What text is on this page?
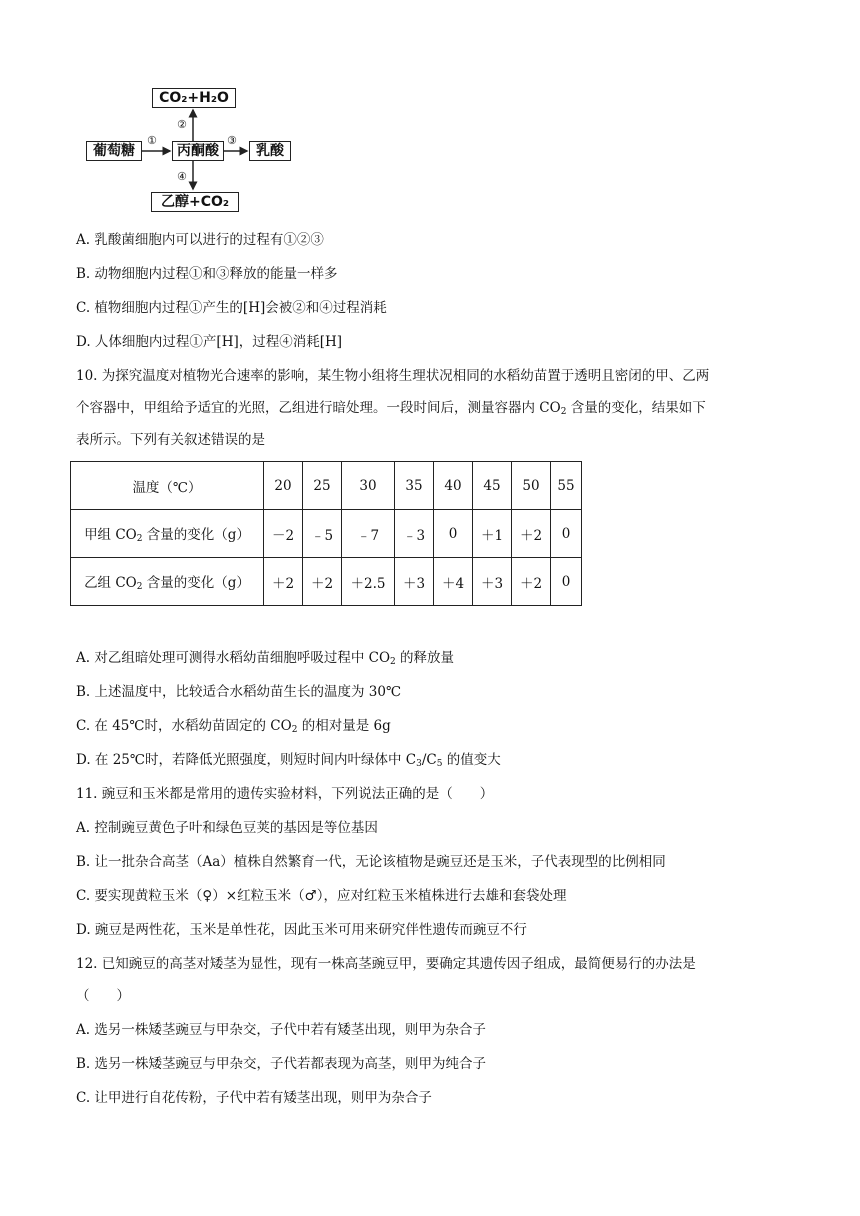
CO₂+H₂O
葡萄糖	丙酮酸	乳酸
乙醇+CO₂
①
②
③
④
A. 乳酸菌细胞内可以进行的过程有①②③
B. 动物细胞内过程①和③释放的能量一样多
C. 植物细胞内过程①产生的[H]会被②和④过程消耗
D. 人体细胞内过程①产[H]，过程④消耗[H]
10. 为探究温度对植物光合速率的影响，某生物小组将生理状况相同的水稻幼苗置于透明且密闭的甲、乙两
个容器中，甲组给予适宜的光照，乙组进行暗处理。一段时间后，测量容器内 $CO_2$ 含量的变化，结果如下
表所示。下列有关叙述错误的是
温度（℃）	20	25	30	35	40	45	50	55
甲组 $CO_2$ 含量的变化（g）	－2	﹣5	﹣7	﹣3	0	＋1	＋2	0
乙组 $CO_2$ 含量的变化（g）	＋2	＋2	＋2.5	＋3	＋4	＋3	＋2	0
A. 对乙组暗处理可测得水稻幼苗细胞呼吸过程中 $CO_2$ 的释放量
B. 上述温度中，比较适合水稻幼苗生长的温度为 30℃
C. 在 45℃时，水稻幼苗固定的 $CO_2$ 的相对量是 6g
D. 在 25℃时，若降低光照强度，则短时间内叶绿体中 $C_3/C_5$ 的值变大
11. 豌豆和玉米都是常用的遗传实验材料，下列说法正确的是（　　）
A. 控制豌豆黄色子叶和绿色豆荚的基因是等位基因
B. 让一批杂合高茎（Aa）植株自然繁育一代，无论该植物是豌豆还是玉米，子代表现型的比例相同
C. 要实现黄粒玉米（♀）×红粒玉米（♂），应对红粒玉米植株进行去雄和套袋处理
D. 豌豆是两性花，玉米是单性花，因此玉米可用来研究伴性遗传而豌豆不行
12. 已知豌豆的高茎对矮茎为显性，现有一株高茎豌豆甲，要确定其遗传因子组成，最简便易行的办法是
（　　）
A. 选另一株矮茎豌豆与甲杂交，子代中若有矮茎出现，则甲为杂合子
B. 选另一株矮茎豌豆与甲杂交，子代若都表现为高茎，则甲为纯合子
C. 让甲进行自花传粉，子代中若有矮茎出现，则甲为杂合子
